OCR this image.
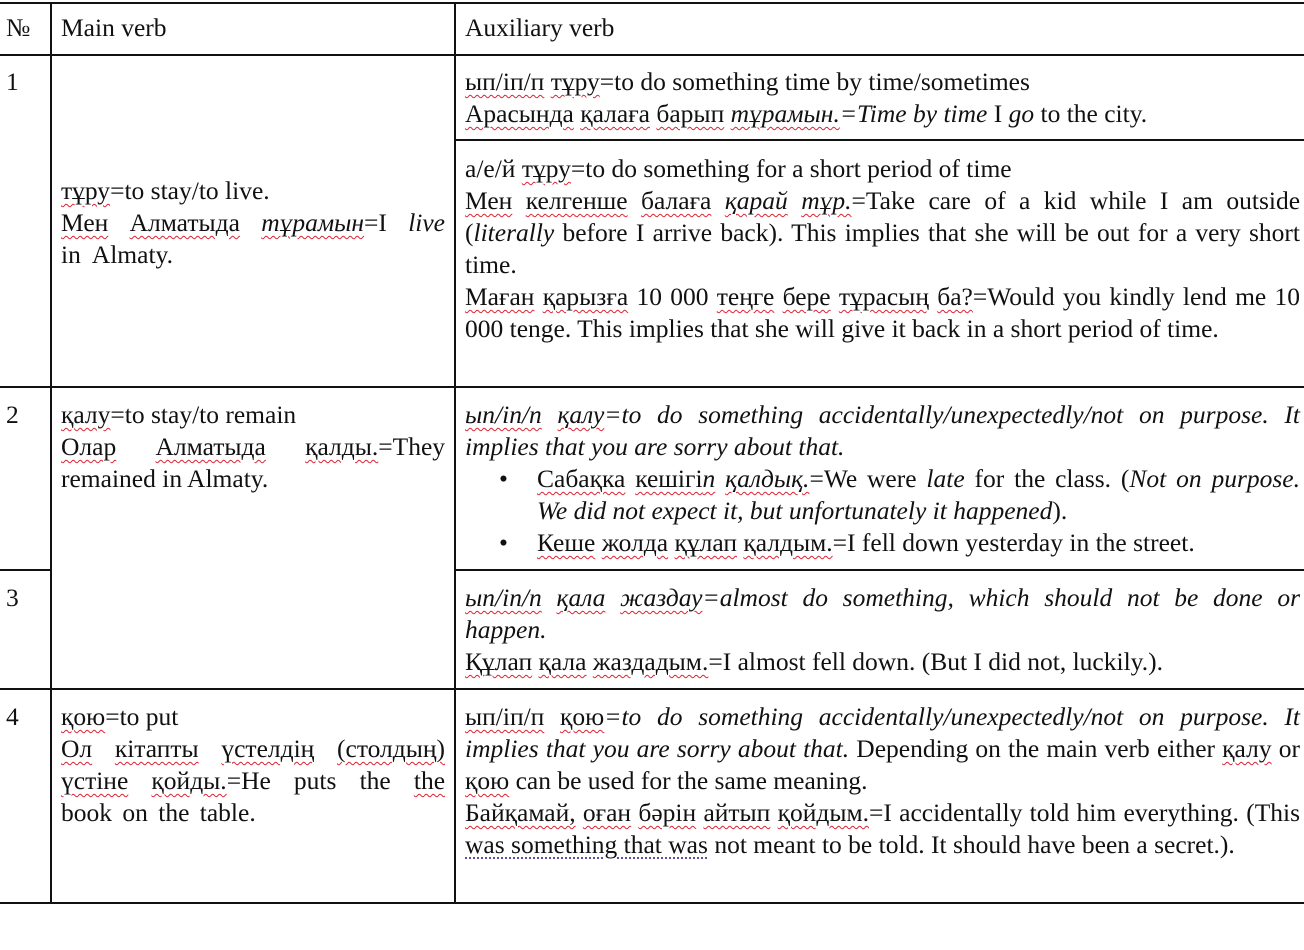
№ Main verb	Auxiliary verb
1
тұру=to stay/to live.

Мен Алматыда тұрамын=I live in Almaty.
ып/іп/п тұру=to do something time by time/sometimes
Арасында қалаға барып тұрамын.=Time by time I go to the city.
а/е/й тұру=to do something for a short period of time
Мен келгенше балаға қарай тұр.=Take care of a kid while I am outside (literally before I arrive back). This implies that she will be out for a very short time.
Маған қарызға 10 000 теңге бере тұрасың ба?=Would you kindly lend me 10 000 tenge. This implies that she will give it back in a short period of time.
2 қалу=to stay/to remain

Олар Алматыда қалды.=They remained in Almaty.
ып/in/n қалу=to do something accidentally/unexpectedly/not on purpose. It implies that you are sorry about that.
• Сабақка кешігіп қалдық.=We were late for the class. (Not on purpose. We did not expect it, but unfortunately it happened).
• Кеше жолда құлап қалдым.=I fell down yesterday in the street.
3	ып/in/n қала жаздау=almost do something, which should not be done or happen.
Құлап қала жаздадым.=I almost fell down. (But I did not, luckily.).
4 қою=to put

Ол кітапты үстелдің (столдың) үстіне қойды.=He puts the the book on the table.
ып/іп/п қою=to do something accidentally/unexpectedly/not on purpose. It implies that you are sorry about that. Depending on the main verb either қалу or қою can be used for the same meaning.
Байқамай, оған бәрін айтып қойдым.=I accidentally told him everything. (This was something that was not meant to be told. It should have been a secret.).
